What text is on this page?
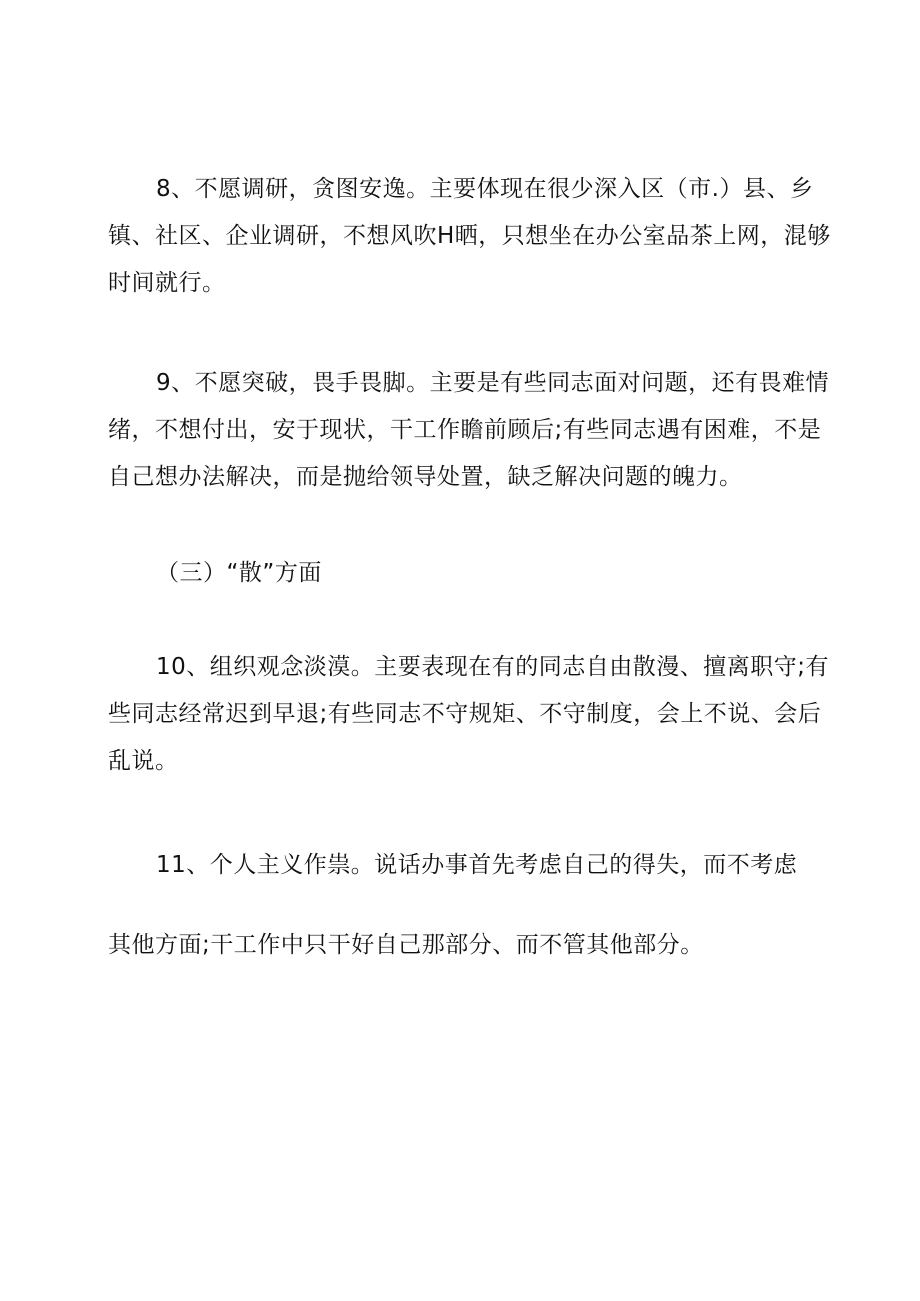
8、不愿调研，贪图安逸。主要体现在很少深入区（市.）县、乡
镇、社区、企业调研，不想风吹H晒，只想坐在办公室品茶上网，混够
时间就行。

9、不愿突破，畏手畏脚。主要是有些同志面对问题，还有畏难情
绪，不想付出，安于现状，干工作瞻前顾后;有些同志遇有困难，不是
自己想办法解决，而是抛给领导处置，缺乏解决问题的魄力。

（三）“散”方面

10、组织观念淡漠。主要表现在有的同志自由散漫、擅离职守;有
些同志经常迟到早退;有些同志不守规矩、不守制度，会上不说、会后
乱说。

11、个人主义作祟。说话办事首先考虑自己的得失，而不考虑
其他方面;干工作中只干好自己那部分、而不管其他部分。
